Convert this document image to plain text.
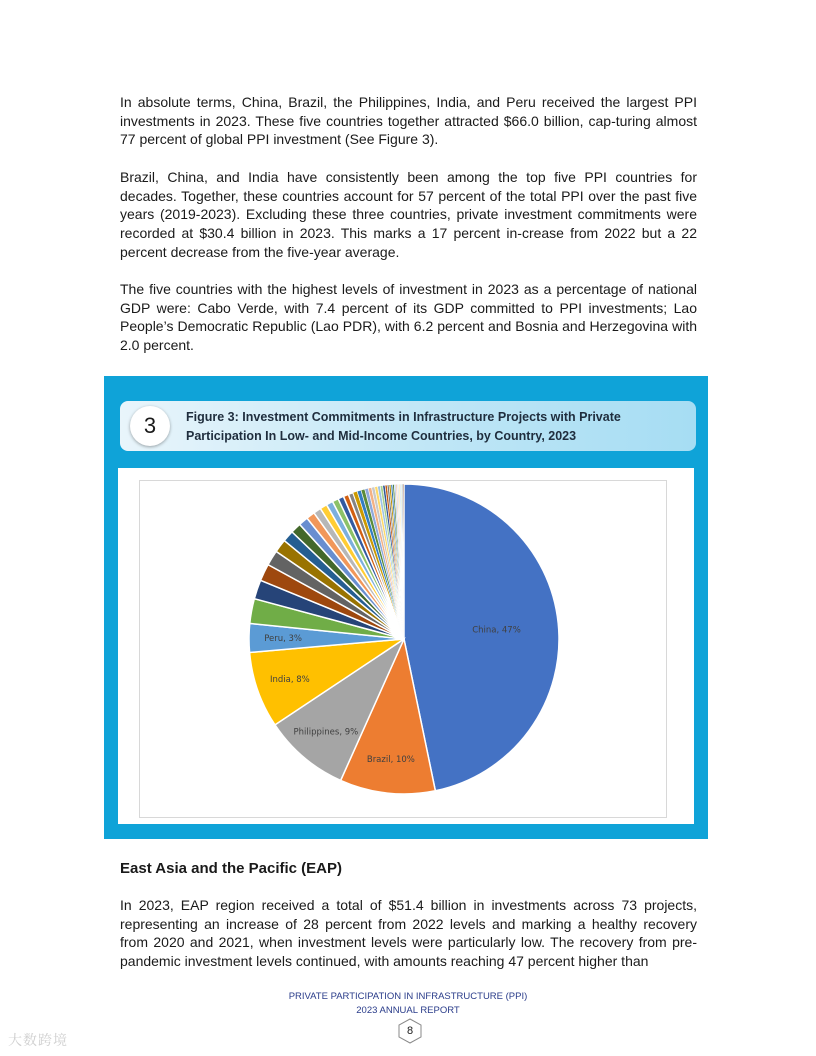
In absolute terms, China, Brazil, the Philippines, India, and Peru received the largest PPI investments in 2023. These five countries together attracted $66.0 billion, cap-turing almost 77 percent of global PPI investment (See Figure 3).

Brazil, China, and India have consistently been among the top five PPI countries for decades. Together, these countries account for 57 percent of the total PPI over the past five years (2019-2023). Excluding these three countries, private investment commitments were recorded at $30.4 billion in 2023. This marks a 17 percent in-crease from 2022 but a 22 percent decrease from the five-year average.

The five countries with the highest levels of investment in 2023 as a percentage of national GDP were: Cabo Verde, with 7.4 percent of its GDP committed to PPI investments; Lao People’s Democratic Republic (Lao PDR), with 6.2 percent and Bosnia and Herzegovina with 2.0 percent.

3	Figure 3: Investment Commitments in Infrastructure Projects with Private Participation In Low- and Mid-Income Countries, by Country, 2023
China, 47%
Brazil, 10%
Philippines, 9%
India, 8%
Peru, 3%
East Asia and the Pacific (EAP)

In 2023, EAP region received a total of $51.4 billion in investments across 73 projects, representing an increase of 28 percent from 2022 levels and marking a healthy recovery from 2020 and 2021, when investment levels were particularly low. The recovery from pre-pandemic investment levels continued, with amounts reaching 47 percent higher than

PRIVATE PARTICIPATION IN INFRASTRUCTURE (PPI)
2023 ANNUAL REPORT
8
大数跨境
